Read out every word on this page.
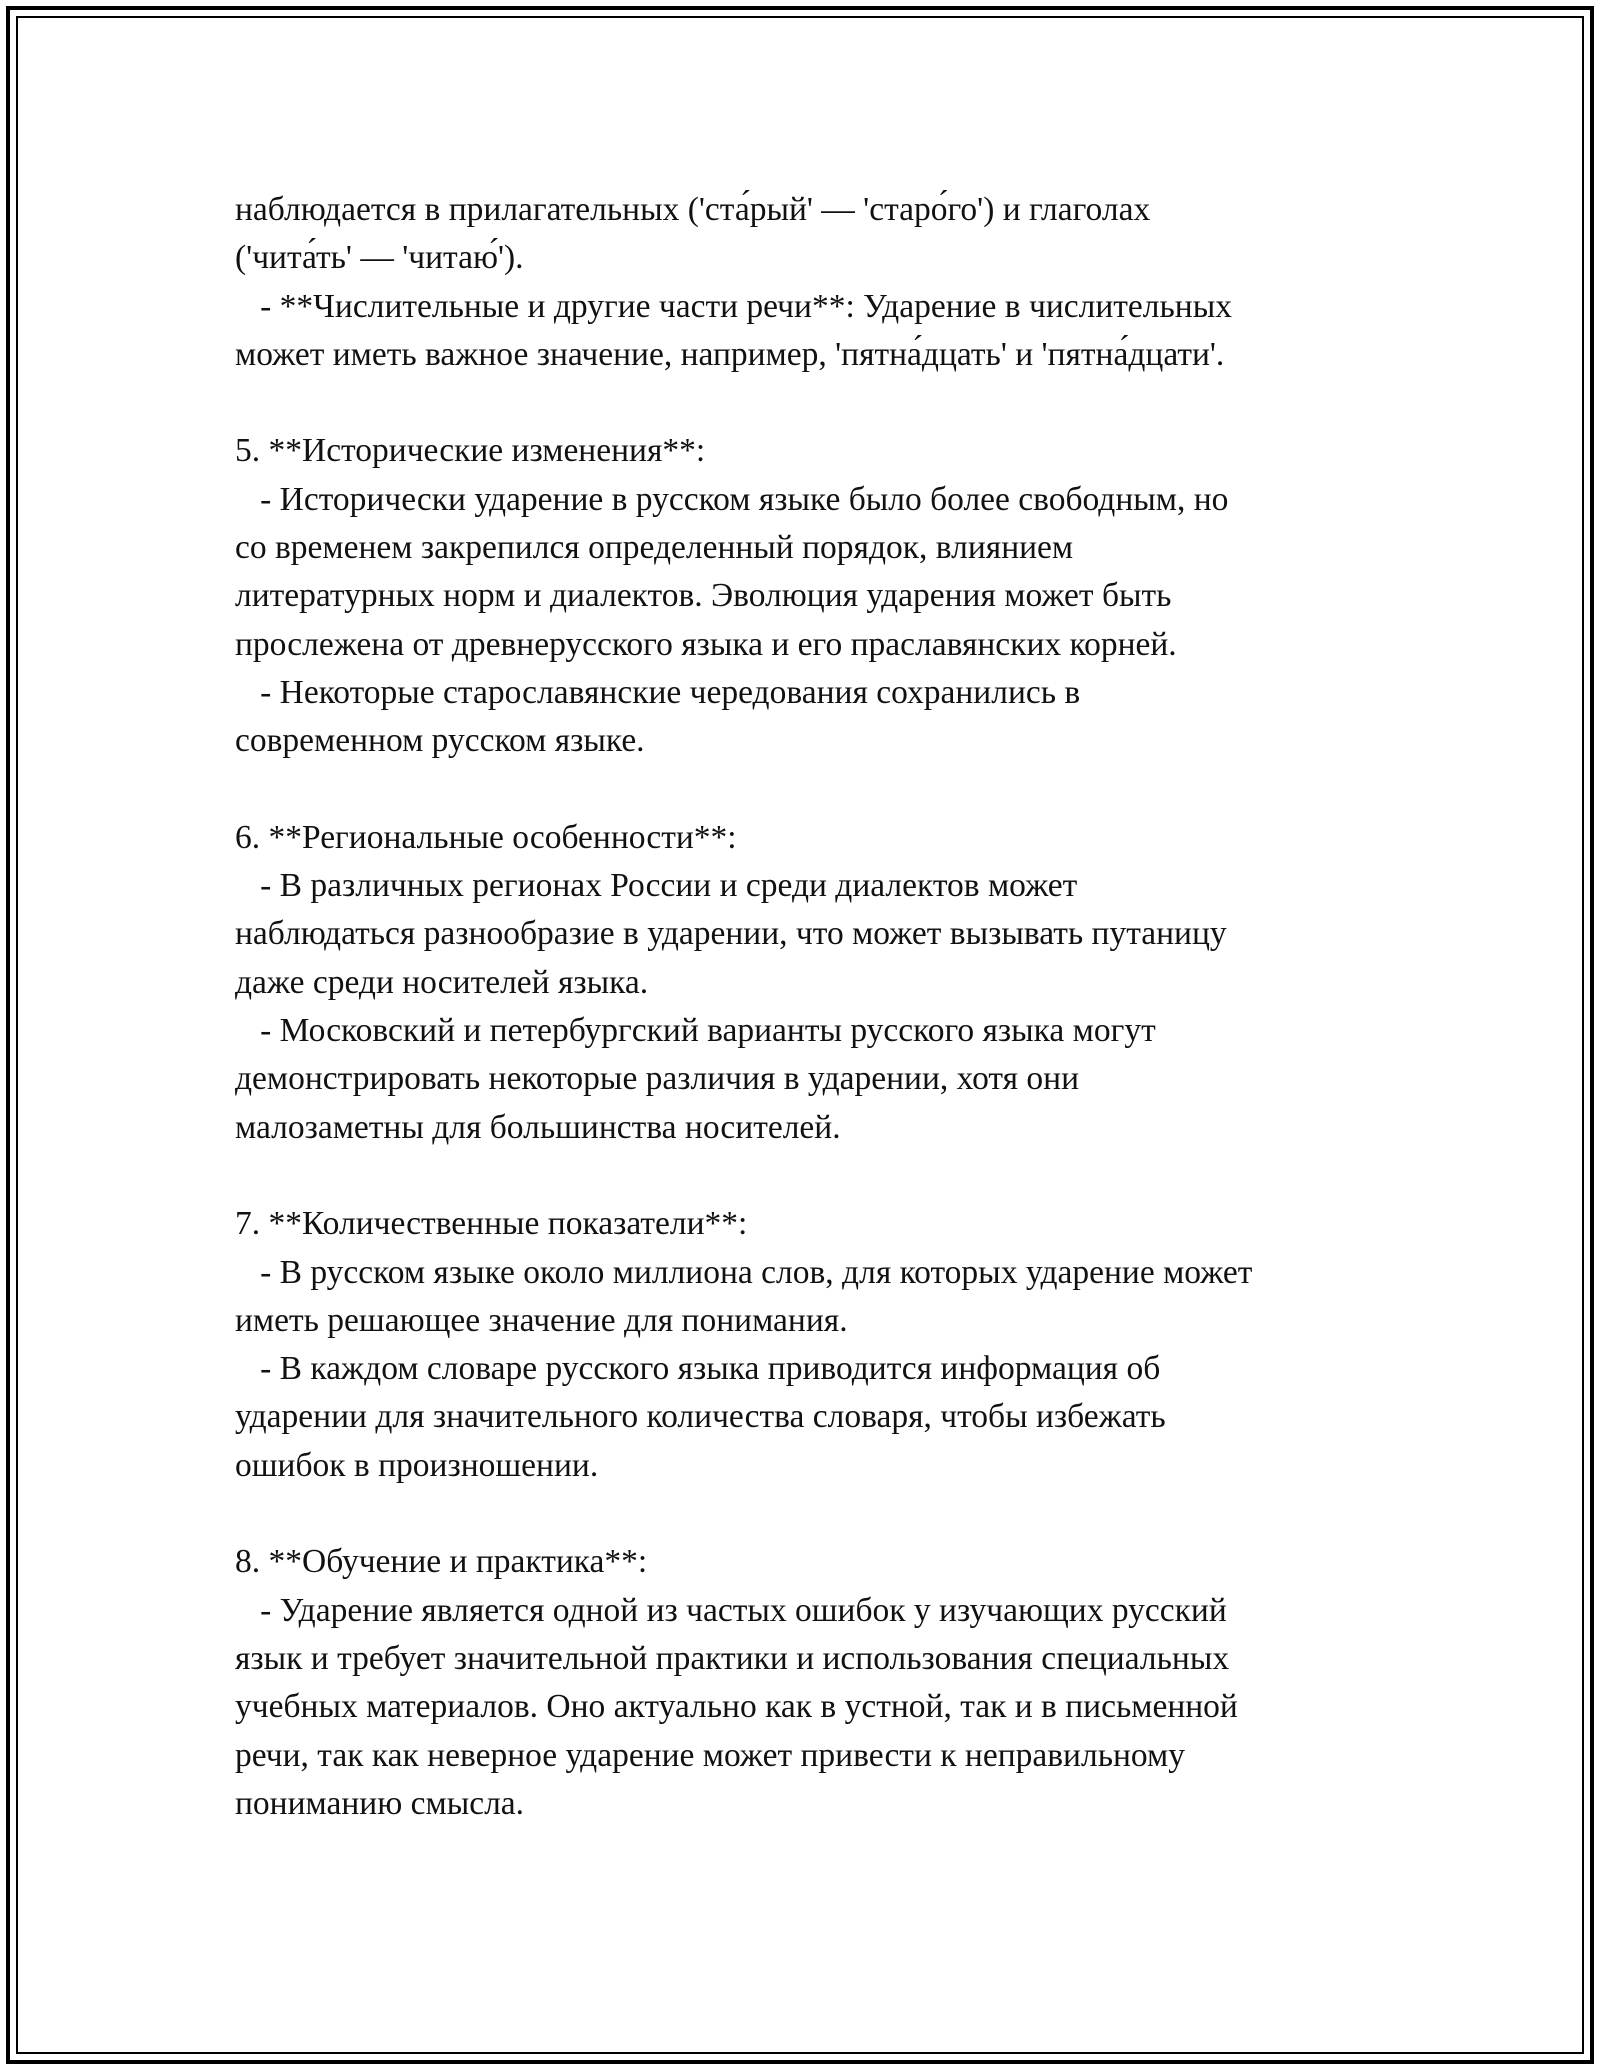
наблюдается в прилагательных ('ста́рый' — 'старо́го') и глаголах
('чита́ть' — 'читаю́').
- **Числительные и другие части речи**: Ударение в числительных
может иметь важное значение, например, 'пятна́дцать' и 'пятна́дцати'.
5. **Исторические изменения**:
- Исторически ударение в русском языке было более свободным, но
со временем закрепился определенный порядок, влиянием
литературных норм и диалектов. Эволюция ударения может быть
прослежена от древнерусского языка и его праславянских корней.
- Некоторые старославянские чередования сохранились в
современном русском языке.
6. **Региональные особенности**:
- В различных регионах России и среди диалектов может
наблюдаться разнообразие в ударении, что может вызывать путаницу
даже среди носителей языка.
- Московский и петербургский варианты русского языка могут
демонстрировать некоторые различия в ударении, хотя они
малозаметны для большинства носителей.
7. **Количественные показатели**:
- В русском языке около миллиона слов, для которых ударение может
иметь решающее значение для понимания.
- В каждом словаре русского языка приводится информация об
ударении для значительного количества словаря, чтобы избежать
ошибок в произношении.
8. **Обучение и практика**:
- Ударение является одной из частых ошибок у изучающих русский
язык и требует значительной практики и использования специальных
учебных материалов. Оно актуально как в устной, так и в письменной
речи, так как неверное ударение может привести к неправильному
пониманию смысла.
